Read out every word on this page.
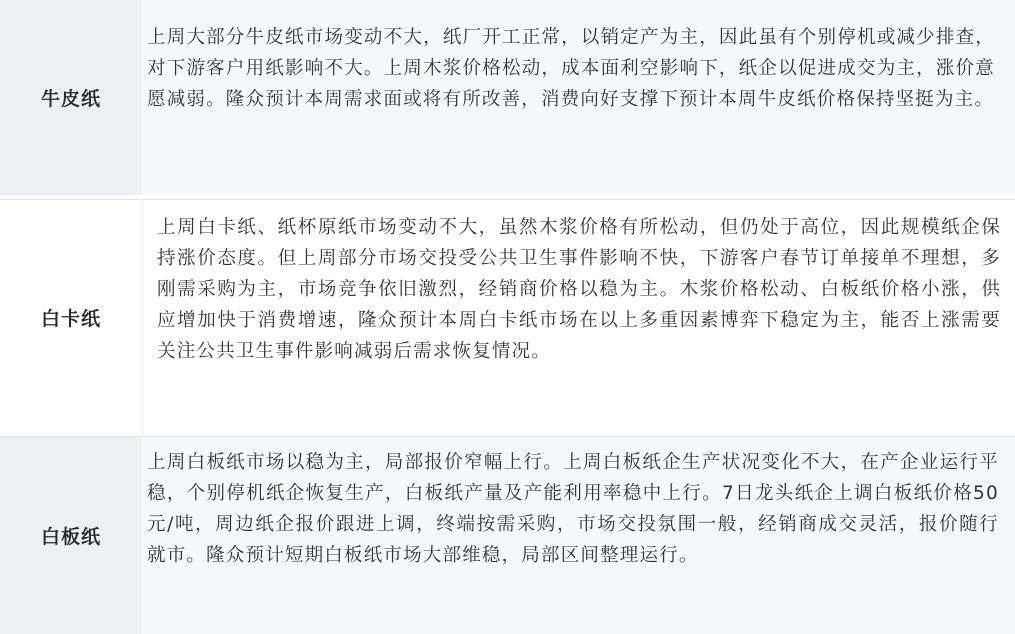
牛皮纸

上周大部分牛皮纸市场变动不大，纸厂开工正常，以销定产为主，因此虽有个别停机或减少排查，对下游客户用纸影响不大。上周木浆价格松动，成本面利空影响下，纸企以促进成交为主，涨价意愿减弱。隆众预计本周需求面或将有所改善，消费向好支撑下预计本周牛皮纸价格保持坚挺为主。

白卡纸

上周白卡纸、纸杯原纸市场变动不大，虽然木浆价格有所松动，但仍处于高位，因此规模纸企保持涨价态度。但上周部分市场交投受公共卫生事件影响不快，下游客户春节订单接单不理想，多刚需采购为主，市场竞争依旧激烈，经销商价格以稳为主。木浆价格松动、白板纸价格小涨，供应增加快于消费增速，隆众预计本周白卡纸市场在以上多重因素博弈下稳定为主，能否上涨需要关注公共卫生事件影响减弱后需求恢复情况。

白板纸

上周白板纸市场以稳为主，局部报价窄幅上行。上周白板纸企生产状况变化不大，在产企业运行平稳，个别停机纸企恢复生产，白板纸产量及产能利用率稳中上行。7日龙头纸企上调白板纸价格50元/吨，周边纸企报价跟进上调，终端按需采购，市场交投氛围一般，经销商成交灵活，报价随行就市。隆众预计短期白板纸市场大部维稳，局部区间整理运行。
